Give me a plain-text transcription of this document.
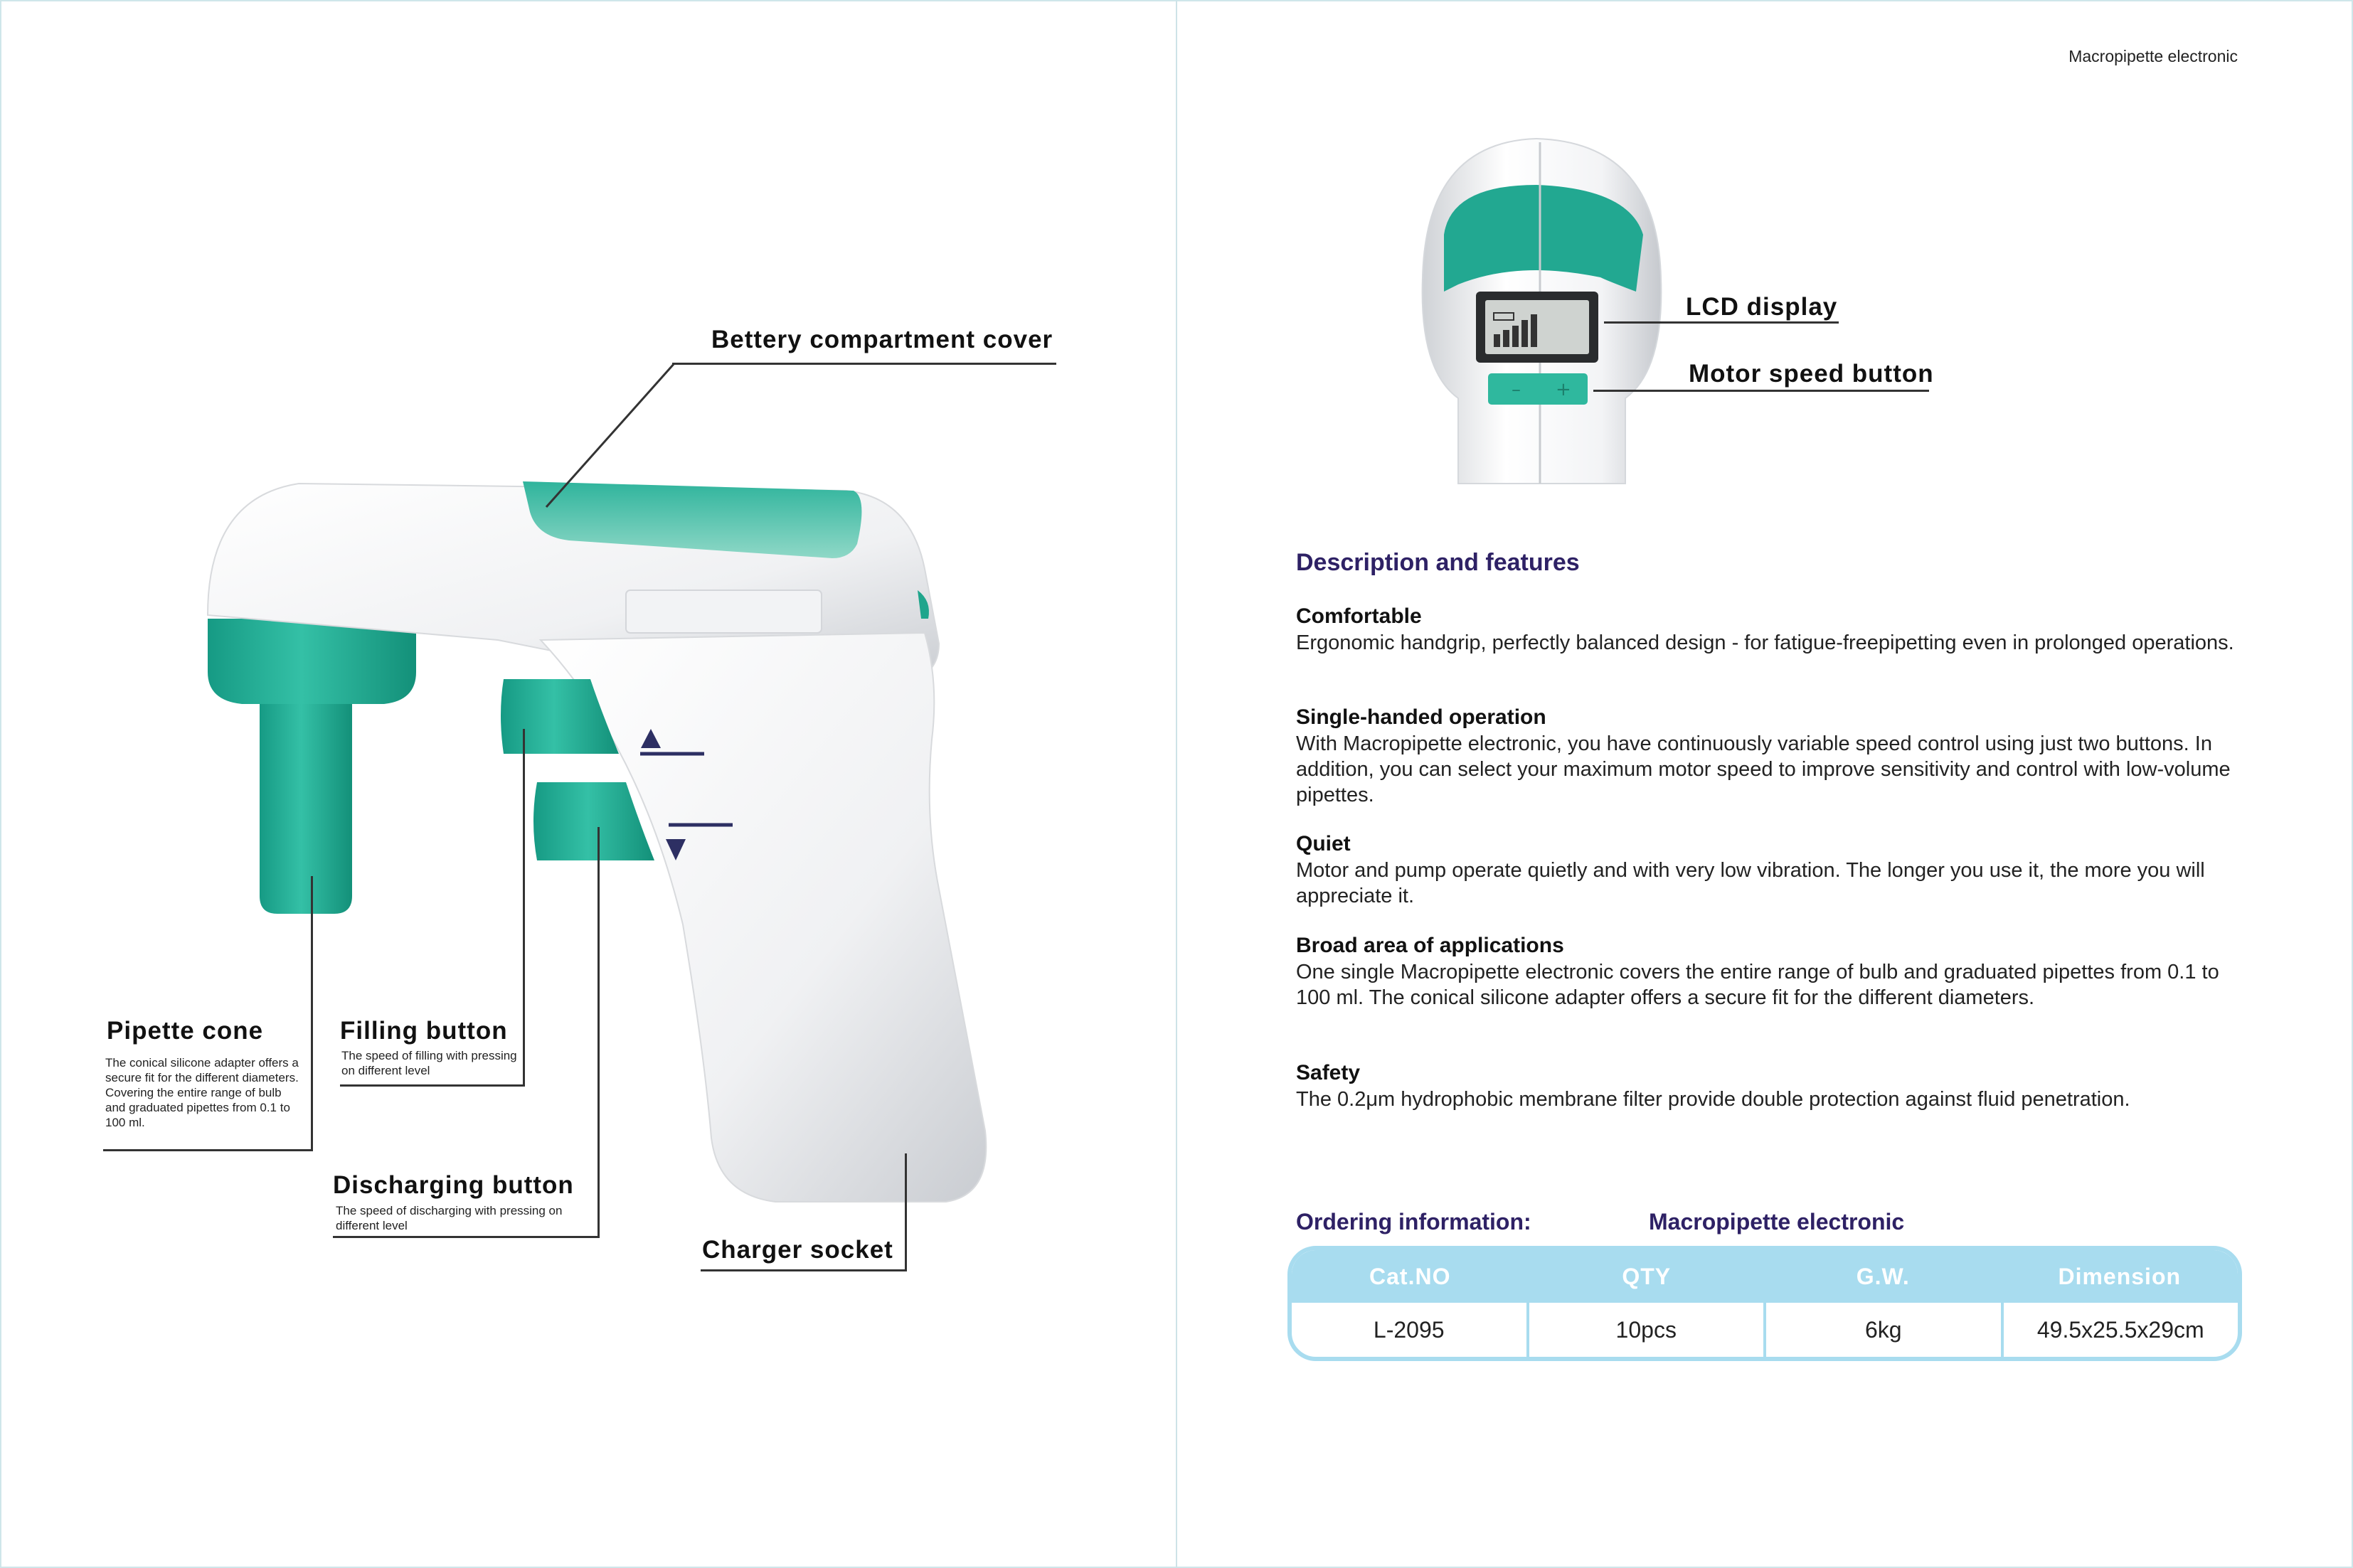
Bettery compartment cover
Pipette cone
The conical silicone adapter offers a secure fit for the different diameters. Covering the entire range of bulb and graduated pipettes from 0.1 to 100 ml.
Filling button
The speed of filling with pressing on different level
Discharging button
The speed of discharging with pressing on different level
Charger socket
Macropipette electronic
– +
LCD display
Motor speed button
Description and features
Comfortable
Ergonomic handgrip, perfectly balanced design - for fatigue-freepipetting even in prolonged operations.
Single-handed operation
With Macropipette electronic, you have continuously variable speed control using just two buttons. In addition, you can select your maximum motor speed to improve sensitivity and control with low-volume pipettes.
Quiet
Motor and pump operate quietly and with very low vibration. The longer you use it, the more you will appreciate it.
Broad area of applications
One single Macropipette electronic covers the entire range of bulb and graduated pipettes from 0.1 to 100 ml. The conical silicone adapter offers a secure fit for the different diameters.
Safety
The 0.2μm hydrophobic membrane filter provide double protection against fluid penetration.
Ordering information:	Macropipette electronic
Cat.NO	QTY	G.W.	Dimension
L-2095	10pcs	6kg	49.5x25.5x29cm
